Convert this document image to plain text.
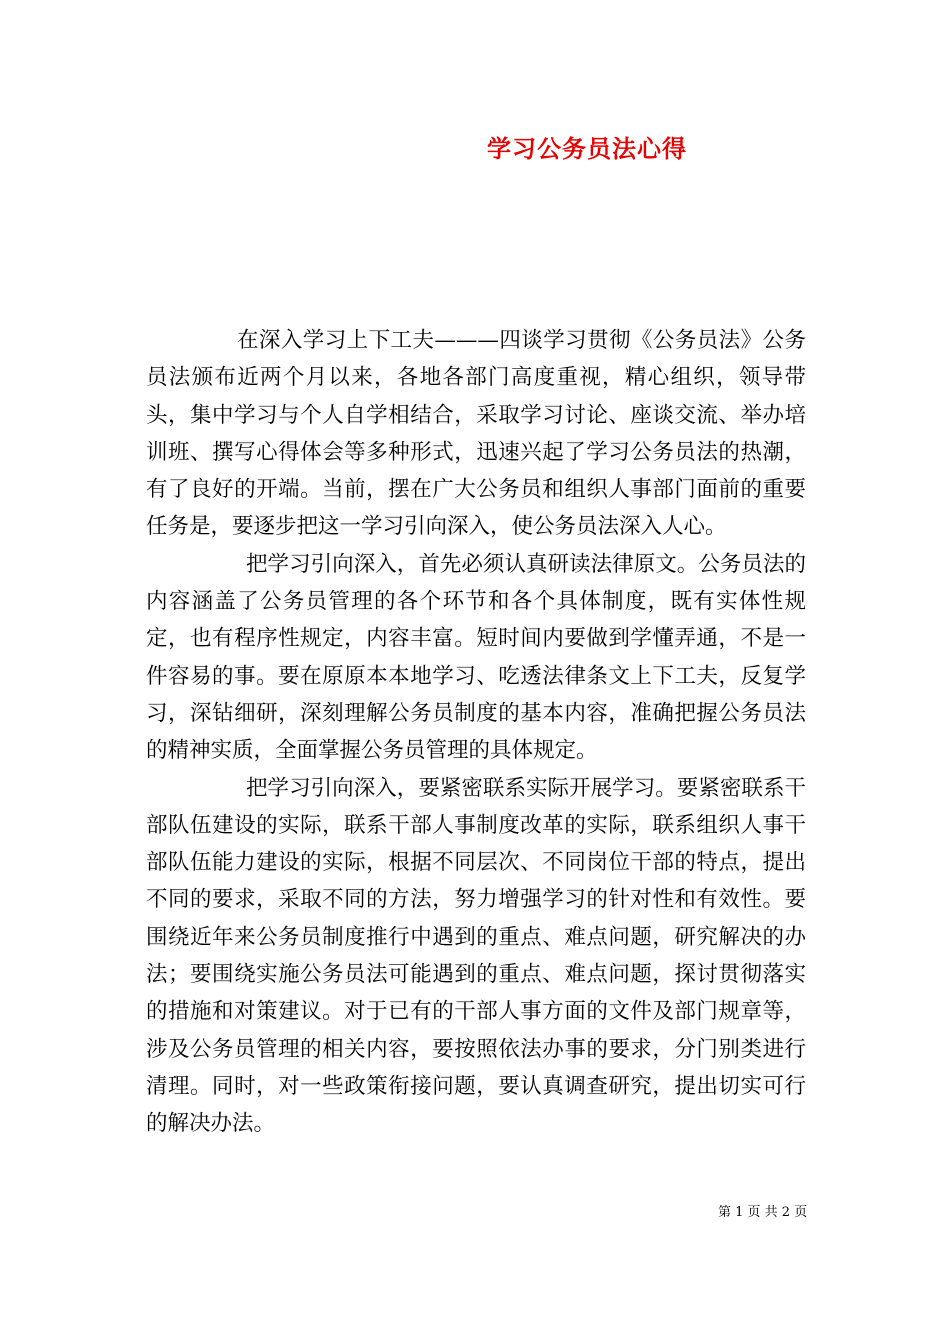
学习公务员法心得

在深入学习上下工夫———四谈学习贯彻《公务员法》公务员法颁布近两个月以来，各地各部门高度重视，精心组织，领导带头，集中学习与个人自学相结合，采取学习讨论、座谈交流、举办培训班、撰写心得体会等多种形式，迅速兴起了学习公务员法的热潮，有了良好的开端。当前，摆在广大公务员和组织人事部门面前的重要任务是，要逐步把这一学习引向深入，使公务员法深入人心。

把学习引向深入，首先必须认真研读法律原文。公务员法的内容涵盖了公务员管理的各个环节和各个具体制度，既有实体性规定，也有程序性规定，内容丰富。短时间内要做到学懂弄通，不是一件容易的事。要在原原本本地学习、吃透法律条文上下工夫，反复学习，深钻细研，深刻理解公务员制度的基本内容，准确把握公务员法的精神实质，全面掌握公务员管理的具体规定。

把学习引向深入，要紧密联系实际开展学习。要紧密联系干部队伍建设的实际，联系干部人事制度改革的实际，联系组织人事干部队伍能力建设的实际，根据不同层次、不同岗位干部的特点，提出不同的要求，采取不同的方法，努力增强学习的针对性和有效性。要围绕近年来公务员制度推行中遇到的重点、难点问题，研究解决的办法；要围绕实施公务员法可能遇到的重点、难点问题，探讨贯彻落实的措施和对策建议。对于已有的干部人事方面的文件及部门规章等，涉及公务员管理的相关内容，要按照依法办事的要求，分门别类进行清理。同时，对一些政策衔接问题，要认真调查研究，提出切实可行的解决办法。

第 1 页 共 2 页
